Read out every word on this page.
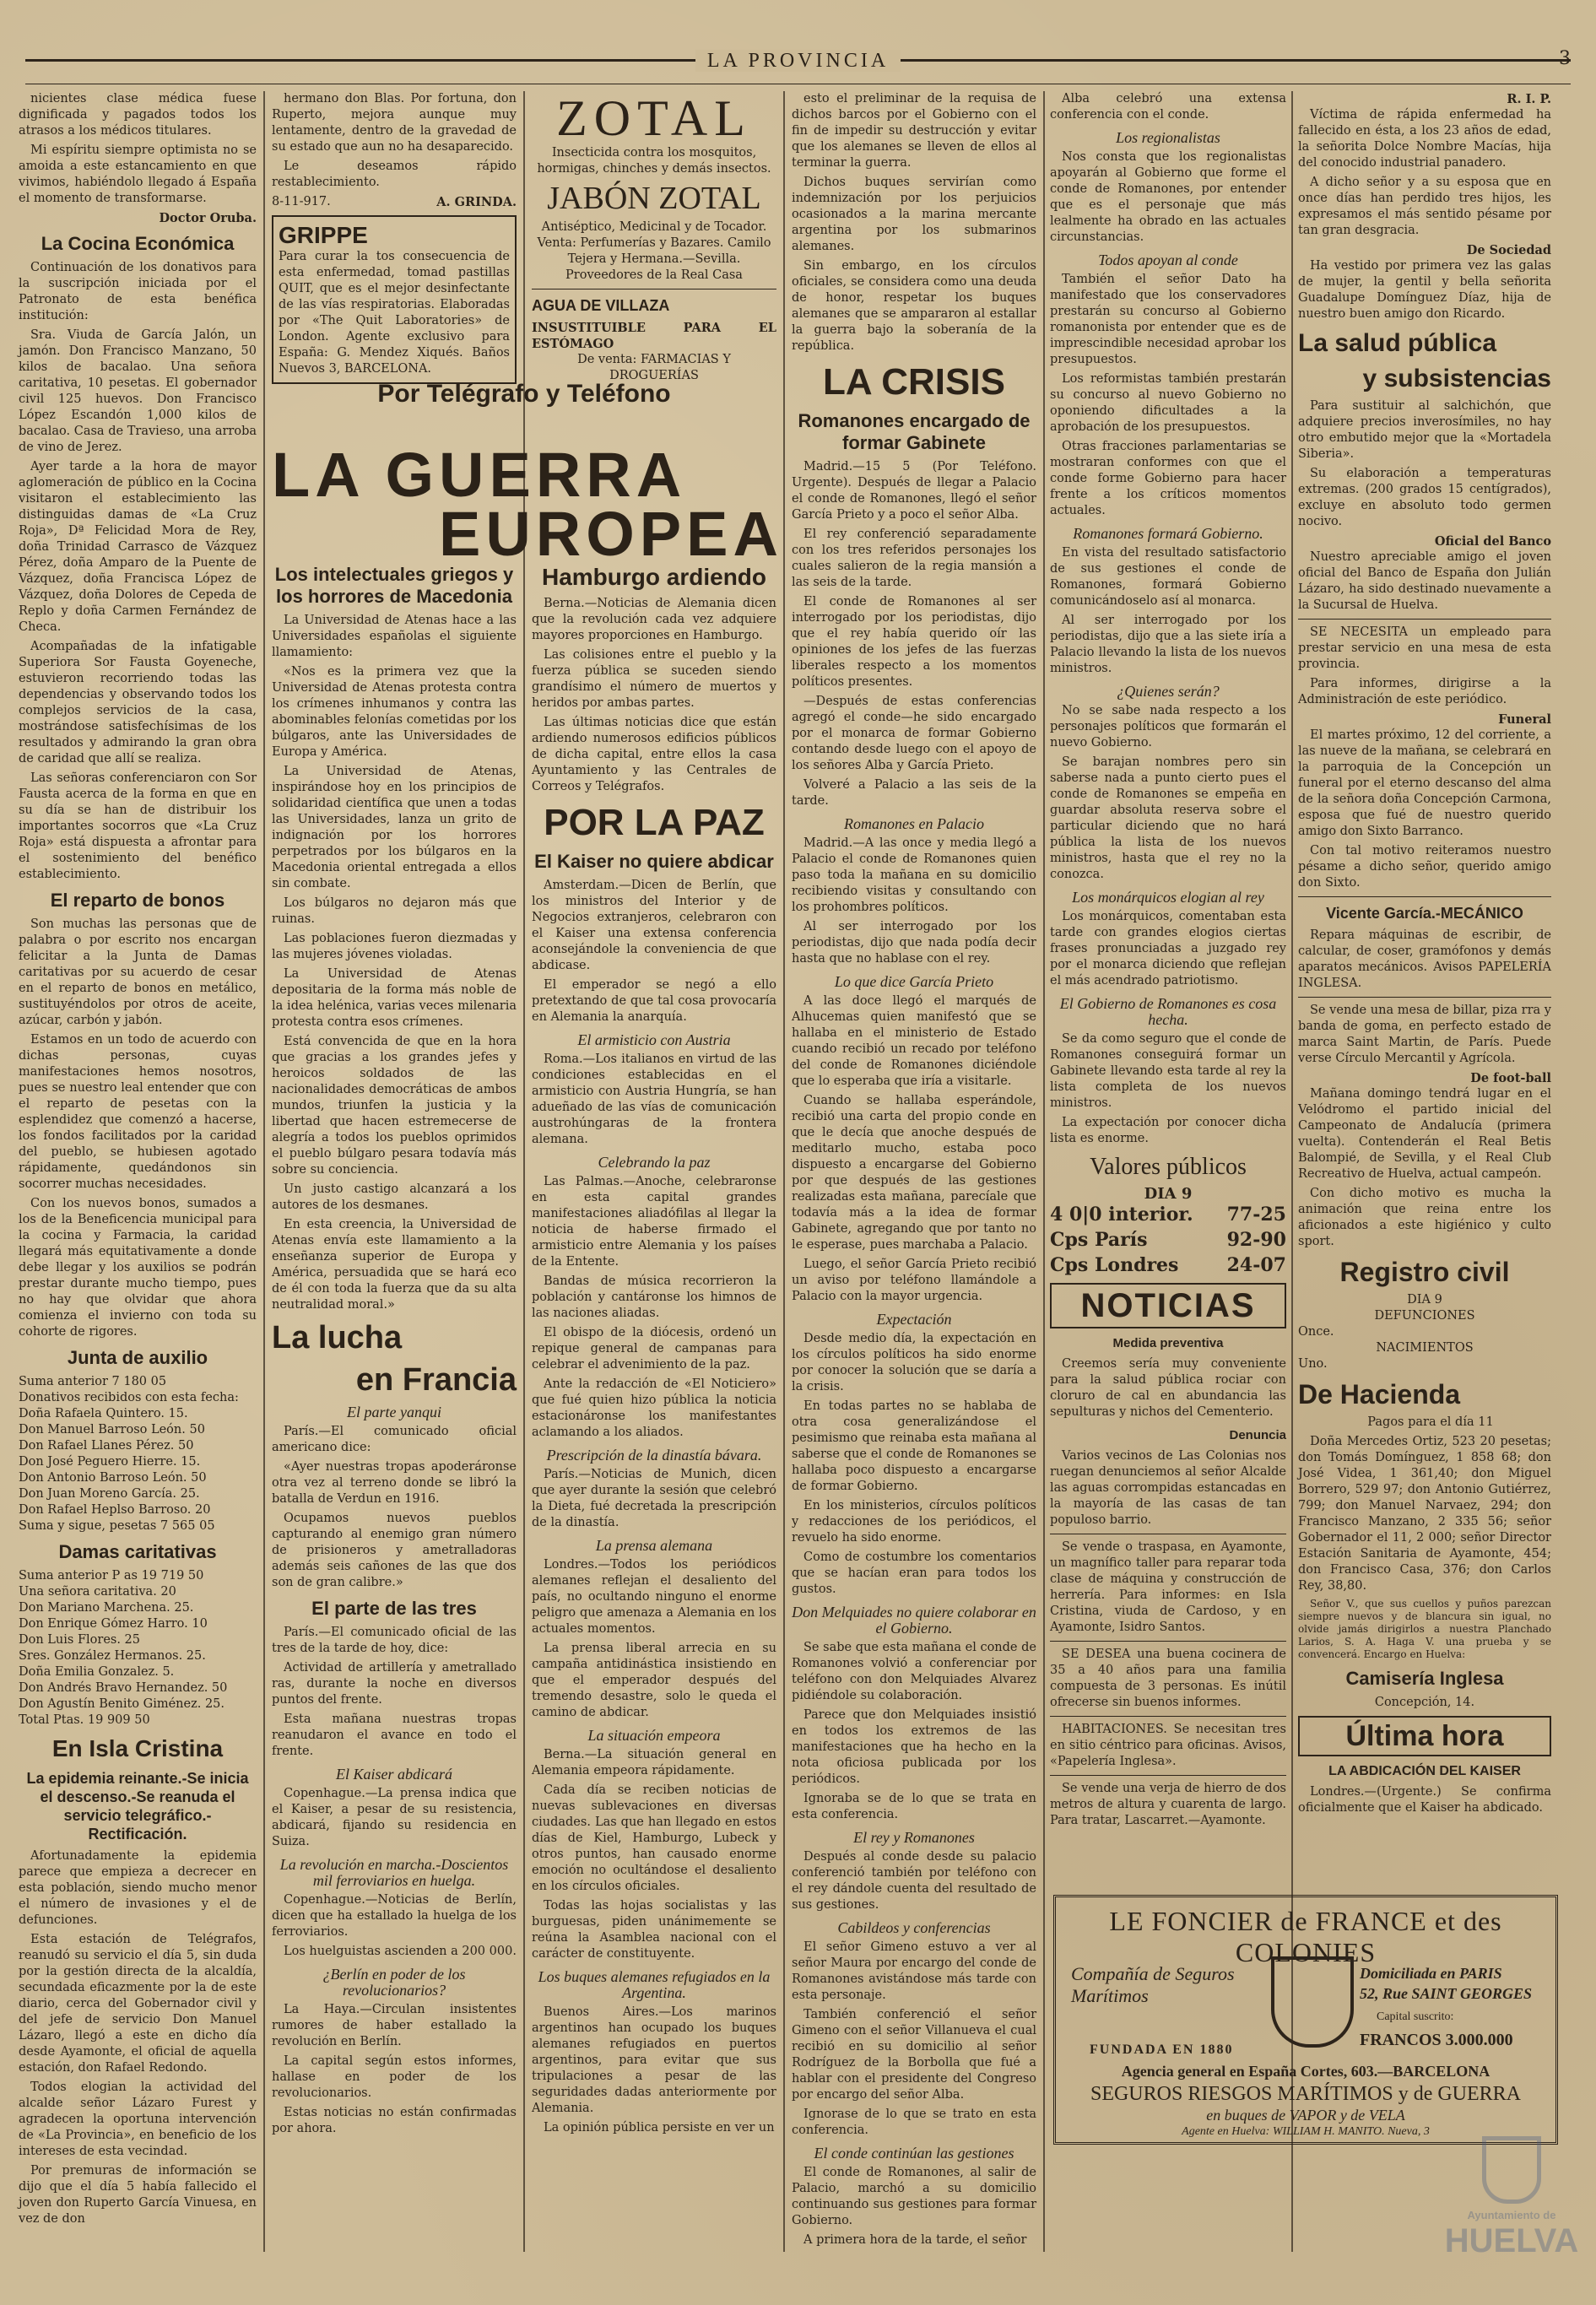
LA PROVINCIA	3

nicientes clase médica fuese dignificada y pagados todos los atrasos a los médicos titulares.

Mi espíritu siempre optimista no se amoida a este estancamiento en que vivimos, habiéndolo llegado á España el momento de transformarse.

Doctor Oruba.
La Cocina Económica

Continuación de los donativos para la suscripción iniciada por el Patronato de esta benéfica institución:

Sra. Viuda de García Jalón, un jamón. Don Francisco Manzano, 50 kilos de bacalao. Una señora caritativa, 10 pesetas. El gobernador civil 125 huevos. Don Francisco López Escandón 1,000 kilos de bacalao. Casa de Travieso, una arroba de vino de Jerez.

Ayer tarde a la hora de mayor aglomeración de público en la Cocina visitaron el establecimiento las distinguidas damas de «La Cruz Roja», Dª Felicidad Mora de Rey, doña Trinidad Carrasco de Vázquez Pérez, doña Amparo de la Puente de Vázquez, doña Francisca López de Vázquez, doña Dolores de Cepeda de Replo y doña Carmen Fernández de Checa.

Acompañadas de la infatigable Superiora Sor Fausta Goyeneche, estuvieron recorriendo todas las dependencias y observando todos los complejos servicios de la casa, mostrándose satisfechísimas de los resultados y admirando la gran obra de caridad que allí se realiza.

Las señoras conferenciaron con Sor Fausta acerca de la forma en que en su día se han de distribuir los importantes socorros que «La Cruz Roja» está dispuesta a afrontar para el sostenimiento del benéfico establecimiento.

El reparto de bonos

Son muchas las personas que de palabra o por escrito nos encargan felicitar a la Junta de Damas caritativas por su acuerdo de cesar en el reparto de bonos en metálico, sustituyéndolos por otros de aceite, azúcar, carbón y jabón.

Estamos en un todo de acuerdo con dichas personas, cuyas manifestaciones hemos nosotros, pues se nuestro leal entender que con el reparto de pesetas con la esplendidez que comenzó a hacerse, los fondos facilitados por la caridad del pueblo, se hubiesen agotado rápidamente, quedándonos sin socorrer muchas necesidades.

Con los nuevos bonos, sumados a los de la Beneficencia municipal para la cocina y Farmacia, la caridad llegará más equitativamente a donde debe llegar y los auxilios se podrán prestar durante mucho tiempo, pues no hay que olvidar que ahora comienza el invierno con toda su cohorte de rigores.

Junta de auxilio
Suma anterior 7 180 05
Donativos recibidos con esta fecha:
Doña Rafaela Quintero. 15.
Don Manuel Barroso León. 50
Don Rafael Llanes Pérez. 50
Don José Peguero Hierre. 15.
Don Antonio Barroso León. 50
Don Juan Moreno García. 25.
Don Rafael Heplso Barroso. 20
Suma y sigue, pesetas 7 565 05
Damas caritativas
Suma anterior P as 19 719 50
Una señora caritativa. 20
Don Mariano Marchena. 25.
Don Enrique Gómez Harro. 10
Don Luis Flores. 25
Sres. González Hermanos. 25.
Doña Emilia Gonzalez. 5.
Don Andrés Bravo Hernandez. 50
Don Agustín Benito Giménez. 25.
Total Ptas. 19 909 50
En Isla Cristina
La epidemia reinante.-Se inicia el descenso.-Se reanuda el servicio telegráfico.-Rectificación.

Afortunadamente la epidemia parece que empieza a decrecer en esta población, siendo mucho menor el número de invasiones y el de defunciones.

Esta estación de Telégrafos, reanudó su servicio el día 5, sin duda por la gestión directa de la alcaldía, secundada eficazmente por la de este diario, cerca del Gobernador civil y del jefe de servicio Don Manuel Lázaro, llegó a este en dicho día desde Ayamonte, el oficial de aquella estación, don Rafael Redondo.

Todos elogian la actividad del alcalde señor Lázaro Furest y agradecen la oportuna intervención de «La Provincia», en beneficio de los intereses de esta vecindad.

Por premuras de información se dijo que el día 5 había fallecido el joven don Ruperto García Vinuesa, en vez de don

hermano don Blas. Por fortuna, don Ruperto, mejora aunque muy lentamente, dentro de la gravedad de su estado que aun no ha desaparecido.

Le deseamos rápido restablecimiento.

8-11-917.	A. GRINDA.
GRIPPE
Para curar la tos consecuencia de esta enfermedad, tomad pastillas QUIT, que es el mejor desinfectante de las vías respiratorias. Elaboradas por «The Quit Laboratories» de London. Agente exclusivo para España: G. Mendez Xiqués. Baños Nuevos 3, BARCELONA.
ZOTAL
Insecticida contra los mosquitos, hormigas, chinches y demás insectos.
JABÓN ZOTAL
Antiséptico, Medicinal y de Tocador. Venta: Perfumerías y Bazares. Camilo Tejera y Hermana.—Sevilla. Proveedores de la Real Casa
AGUA DE VILLAZA
INSUSTITUIBLE PARA EL ESTÓMAGO
De venta: FARMACIAS Y DROGUERÍAS
Por Telégrafo y Teléfono
LA GUERRA
EUROPEA
Los intelectuales griegos y los horrores de Macedonia

La Universidad de Atenas hace a las Universidades españolas el siguiente llamamiento:

«Nos es la primera vez que la Universidad de Atenas protesta contra los crímenes inhumanos y contra las abominables felonías cometidas por los búlgaros, ante las Universidades de Europa y América.

La Universidad de Atenas, inspirándose hoy en los principios de solidaridad científica que unen a todas las Universidades, lanza un grito de indignación por los horrores perpetrados por los búlgaros en la Macedonia oriental entregada a ellos sin combate.

Los búlgaros no dejaron más que ruinas.

Las poblaciones fueron diezmadas y las mujeres jóvenes violadas.

La Universidad de Atenas depositaria de la forma más noble de la idea helénica, varias veces milenaria protesta contra esos crímenes.

Está convencida de que en la hora que gracias a los grandes jefes y heroicos soldados de las nacionalidades democráticas de ambos mundos, triunfen la justicia y la libertad que hacen estremecerse de alegría a todos los pueblos oprimidos el pueblo búlgaro pesara todavía más sobre su conciencia.

Un justo castigo alcanzará a los autores de los desmanes.

En esta creencia, la Universidad de Atenas envía este llamamiento a la enseñanza superior de Europa y América, persuadida que se hará eco de él con toda la fuerza que da su alta neutralidad moral.»

La lucha
en Francia
El parte yanqui

París.—El comunicado oficial americano dice:

«Ayer nuestras tropas apoderáronse otra vez al terreno donde se libró la batalla de Verdun en 1916.

Ocupamos nuevos pueblos capturando al enemigo gran número de prisioneros y ametralladoras además seis cañones de las que dos son de gran calibre.»

El parte de las tres

París.—El comunicado oficial de las tres de la tarde de hoy, dice:

Actividad de artillería y ametrallado ras, durante la noche en diversos puntos del frente.

Esta mañana nuestras tropas reanudaron el avance en todo el frente.

El Kaiser abdicará

Copenhague.—La prensa indica que el Kaiser, a pesar de su resistencia, abdicará, fijando su residencia en Suiza.

La revolución en marcha.-Doscientos mil ferroviarios en huelga.

Copenhague.—Noticias de Berlín, dicen que ha estallado la huelga de los ferroviarios.

Los huelguistas ascienden a 200 000.

¿Berlín en poder de los revolucionarios?

La Haya.—Circulan insistentes rumores de haber estallado la revolución en Berlín.

La capital según estos informes, hallase en poder de los revolucionarios.

Estas noticias no están confirmadas por ahora.

Hamburgo ardiendo

Berna.—Noticias de Alemania dicen que la revolución cada vez adquiere mayores proporciones en Hamburgo.

Las colisiones entre el pueblo y la fuerza pública se suceden siendo grandísimo el número de muertos y heridos por ambas partes.

Las últimas noticias dice que están ardiendo numerosos edificios públicos de dicha capital, entre ellos la casa Ayuntamiento y las Centrales de Correos y Telégrafos.

POR LA PAZ
El Kaiser no quiere abdicar

Amsterdam.—Dicen de Berlín, que los ministros del Interior y de Negocios extranjeros, celebraron con el Kaiser una extensa conferencia aconsejándole la conveniencia de que abdicase.

El emperador se negó a ello pretextando de que tal cosa provocaría en Alemania la anarquía.

El armisticio con Austria

Roma.—Los italianos en virtud de las condiciones establecidas en el armisticio con Austria Hungría, se han adueñado de las vías de comunicación austrohúngaras de la frontera alemana.

Celebrando la paz

Las Palmas.—Anoche, celebraronse en esta capital grandes manifestaciones aliadófilas al llegar la noticia de haberse firmado el armisticio entre Alemania y los países de la Entente.

Bandas de música recorrieron la población y cantáronse los himnos de las naciones aliadas.

El obispo de la diócesis, ordenó un repique general de campanas para celebrar el advenimiento de la paz.

Ante la redacción de «El Noticiero» que fué quien hizo pública la noticia estacionáronse los manifestantes aclamando a los aliados.

Prescripción de la dinastía bávara.

París.—Noticias de Munich, dicen que ayer durante la sesión que celebró la Dieta, fué decretada la prescripción de la dinastía.

La prensa alemana

Londres.—Todos los periódicos alemanes reflejan el desaliento del país, no ocultando ninguno el enorme peligro que amenaza a Alemania en los actuales momentos.

La prensa liberal arrecia en su campaña antidinástica insistiendo en que el emperador después del tremendo desastre, solo le queda el camino de abdicar.

La situación empeora

Berna.—La situación general en Alemania empeora rápidamente.

Cada día se reciben noticias de nuevas sublevaciones en diversas ciudades. Las que han llegado en estos días de Kiel, Hamburgo, Lubeck y otros puntos, han causado enorme emoción no ocultándose el desaliento en los círculos oficiales.

Todas las hojas socialistas y las burguesas, piden unánimemente se reúna la Asamblea nacional con el carácter de constituyente.

Los buques alemanes refugiados en la Argentina.

Buenos Aires.—Los marinos argentinos han ocupado los buques alemanes refugiados en puertos argentinos, para evitar que sus tripulaciones a pesar de las seguridades dadas anteriormente por Alemania.

La opinión pública persiste en ver un

esto el preliminar de la requisa de dichos barcos por el Gobierno con el fin de impedir su destrucción y evitar que los alemanes se lleven de ellos al terminar la guerra.

Dichos buques servirían como indemnización por los perjuicios ocasionados a la marina mercante argentina por los submarinos alemanes.

Sin embargo, en los círculos oficiales, se considera como una deuda de honor, respetar los buques alemanes que se ampararon al estallar la guerra bajo la soberanía de la república.

LA CRISIS
Romanones encargado de formar Gabinete

Madrid.—15 5 (Por Teléfono. Urgente). Después de llegar a Palacio el conde de Romanones, llegó el señor García Prieto y a poco el señor Alba.

El rey conferenció separadamente con los tres referidos personajes los cuales salieron de la regia mansión a las seis de la tarde.

El conde de Romanones al ser interrogado por los periodistas, dijo que el rey había querido oír las opiniones de los jefes de las fuerzas liberales respecto a los momentos políticos presentes.

—Después de estas conferencias agregó el conde—he sido encargado por el monarca de formar Gobierno contando desde luego con el apoyo de los señores Alba y García Prieto.

Volveré a Palacio a las seis de la tarde.

Romanones en Palacio

Madrid.—A las once y media llegó a Palacio el conde de Romanones quien paso toda la mañana en su domicilio recibiendo visitas y consultando con los prohombres políticos.

Al ser interrogado por los periodistas, dijo que nada podía decir hasta que no hablase con el rey.

Lo que dice García Prieto

A las doce llegó el marqués de Alhucemas quien manifestó que se hallaba en el ministerio de Estado cuando recibió un recado por teléfono del conde de Romanones diciéndole que lo esperaba que iría a visitarle.

Cuando se hallaba esperándole, recibió una carta del propio conde en que le decía que anoche después de meditarlo mucho, estaba poco dispuesto a encargarse del Gobierno por que después de las gestiones realizadas esta mañana, parecíale que todavía más a la idea de formar Gabinete, agregando que por tanto no le esperase, pues marchaba a Palacio.

Luego, el señor García Prieto recibió un aviso por teléfono llamándole a Palacio con la mayor urgencia.

Expectación

Desde medio día, la expectación en los círculos políticos ha sido enorme por conocer la solución que se daría a la crisis.

En todas partes no se hablaba de otra cosa generalizándose el pesimismo que reinaba esta mañana al saberse que el conde de Romanones se hallaba poco dispuesto a encargarse de formar Gobierno.

En los ministerios, círculos políticos y redacciones de los periódicos, el revuelo ha sido enorme.

Como de costumbre los comentarios que se hacían eran para todos los gustos.

Don Melquiades no quiere colaborar en el Gobierno.

Se sabe que esta mañana el conde de Romanones volvió a conferenciar por teléfono con don Melquiades Alvarez pidiéndole su colaboración.

Parece que don Melquiades insistió en todos los extremos de las manifestaciones que ha hecho en la nota oficiosa publicada por los periódicos.

Ignoraba se de lo que se trata en esta conferencia.

El rey y Romanones

Después al conde desde su palacio conferenció también por teléfono con el rey dándole cuenta del resultado de sus gestiones.

Cabildeos y conferencias

El señor Gimeno estuvo a ver al señor Maura por encargo del conde de Romanones avistándose más tarde con esta personaje.

También conferenció el señor Gimeno con el señor Villanueva el cual recibió en su domicilio al señor Rodríguez de la Borbolla que fué a hablar con el presidente del Congreso por encargo del señor Alba.

Ignorase de lo que se trato en esta conferencia.

El conde continúan las gestiones

El conde de Romanones, al salir de Palacio, marchó a su domicilio continuando sus gestiones para formar Gobierno.

A primera hora de la tarde, el señor

Alba celebró una extensa conferencia con el conde.

Los regionalistas

Nos consta que los regionalistas apoyarán al Gobierno que forme el conde de Romanones, por entender que es el personaje que más lealmente ha obrado en las actuales circunstancias.

Todos apoyan al conde

También el señor Dato ha manifestado que los conservadores prestarán su concurso al Gobierno romanonista por entender que es de imprescindible necesidad aprobar los presupuestos.

Los reformistas también prestarán su concurso al nuevo Gobierno no oponiendo dificultades a la aprobación de los presupuestos.

Otras fracciones parlamentarias se mostraran conformes con que el conde forme Gobierno para hacer frente a los críticos momentos actuales.

Romanones formará Gobierno.

En vista del resultado satisfactorio de sus gestiones el conde de Romanones, formará Gobierno comunicándoselo así al monarca.

Al ser interrogado por los periodistas, dijo que a las siete iría a Palacio llevando la lista de los nuevos ministros.

¿Quienes serán?

No se sabe nada respecto a los personajes políticos que formarán el nuevo Gobierno.

Se barajan nombres pero sin saberse nada a punto cierto pues el conde de Romanones se empeña en guardar absoluta reserva sobre el particular diciendo que no hará pública la lista de los nuevos ministros, hasta que el rey no la conozca.

Los monárquicos elogian al rey

Los monárquicos, comentaban esta tarde con grandes elogios ciertas frases pronunciadas a juzgado rey por el monarca diciendo que reflejan el más acendrado patriotismo.

El Gobierno de Romanones es cosa hecha.

Se da como seguro que el conde de Romanones conseguirá formar un Gabinete llevando esta tarde al rey la lista completa de los nuevos ministros.

La expectación por conocer dicha lista es enorme.

Valores públicos
DIA 9
4 0|0 interior. 77-25
Cps París	92-90
Cps Londres	24-07
NOTICIAS
Medida preventiva

Creemos sería muy conveniente para la salud pública rociar con cloruro de cal en abundancia las sepulturas y nichos del Cementerio.

Denuncia

Varios vecinos de Las Colonias nos ruegan denunciemos al señor Alcalde las aguas corrompidas estancadas en la mayoría de las casas de tan populoso barrio.

Se vende o traspasa, en Ayamonte, un magnífico taller para reparar toda clase de máquina y construcción de herrería. Para informes: en Isla Cristina, viuda de Cardoso, y en Ayamonte, Isidro Santos.

SE DESEA una buena cocinera de 35 a 40 años para una familia compuesta de 3 personas. Es inútil ofrecerse sin buenos informes.

HABITACIONES. Se necesitan tres en sitio céntrico para oficinas. Avisos, «Papelería Inglesa».

Se vende una verja de hierro de dos metros de altura y cuarenta de largo. Para tratar, Lascarret.—Ayamonte.

R. I. P.

Víctima de rápida enfermedad ha fallecido en ésta, a los 23 años de edad, la señorita Dolce Nombre Macías, hija del conocido industrial panadero.

A dicho señor y a su esposa que en once días han perdido tres hijos, les expresamos el más sentido pésame por tan gran desgracia.

De Sociedad

Ha vestido por primera vez las galas de mujer, la gentil y bella señorita Guadalupe Domínguez Díaz, hija de nuestro buen amigo don Ricardo.

La salud pública
y subsistencias

Para sustituir al salchichón, que adquiere precios inverosímiles, no hay otro embutido mejor que la «Mortadela Siberia».

Su elaboración a temperaturas extremas. (200 grados 15 centígrados), excluye en absoluto todo germen nocivo.

Oficial del Banco

Nuestro apreciable amigo el joven oficial del Banco de España don Julián Lázaro, ha sido destinado nuevamente a la Sucursal de Huelva.

SE NECESITA un empleado para prestar servicio en una mesa de esta provincia.

Para informes, dirigirse a la Administración de este periódico.

Funeral

El martes próximo, 12 del corriente, a las nueve de la mañana, se celebrará en la parroquia de la Concepción un funeral por el eterno descanso del alma de la señora doña Concepción Carmona, esposa que fué de nuestro querido amigo don Sixto Barranco.

Con tal motivo reiteramos nuestro pésame a dicho señor, querido amigo don Sixto.

Vicente García.-MECÁNICO

Repara máquinas de escribir, de calcular, de coser, gramófonos y demás aparatos mecánicos. Avisos PAPELERÍA INGLESA.

Se vende una mesa de billar, piza rra y banda de goma, en perfecto estado de marca Saint Martin, de París. Puede verse Círculo Mercantil y Agrícola.

De foot-ball

Mañana domingo tendrá lugar en el Velódromo el partido inicial del Campeonato de Andalucía (primera vuelta). Contenderán el Real Betis Balompié, de Sevilla, y el Real Club Recreativo de Huelva, actual campeón.

Con dicho motivo es mucha la animación que reina entre los aficionados a este higiénico y culto sport.

Registro civil
DIA 9
DEFUNCIONES
Once.
NACIMIENTOS
Uno.
De Hacienda

Pagos para el día 11

Doña Mercedes Ortiz, 523 20 pesetas; don Tomás Domínguez, 1 858 68; don José Videa, 1 361,40; don Miguel Borrero, 529 97; don Antonio Gutiérrez, 799; don Manuel Narvaez, 294; don Francisco Manzano, 2 335 56; señor Gobernador el 11, 2 000; señor Director Estación Sanitaria de Ayamonte, 454; don Francisco Casa, 376; don Carlos Rey, 38,80.

Señor V., que sus cuellos y puños parezcan siempre nuevos y de blancura sin igual, no olvide jamás dirigirlos a nuestra Planchado Larios, S. A. Haga V. una prueba y se convencerá. Encargo en Huelva:

Camisería Inglesa
Concepción, 14.
Última hora
LA ABDICACIÓN DEL KAISER

Londres.—(Urgente.) Se confirma oficialmente que el Kaiser ha abdicado.

LE FONCIER de FRANCE et des COLONIES
Compañía de Seguros Marítimos
Domiciliada en PARIS
52, Rue SAINT GEORGES
Capital suscrito:
FUNDADA EN 1880
FRANCOS 3.000.000
Agencia general en España Cortes, 603.—BARCELONA
SEGUROS RIESGOS MARÍTIMOS y de GUERRA
en buques de VAPOR y de VELA
Agente en Huelva: WILLIAM H. MANITO. Nueva, 3
Ayuntamiento de
HUELVA
